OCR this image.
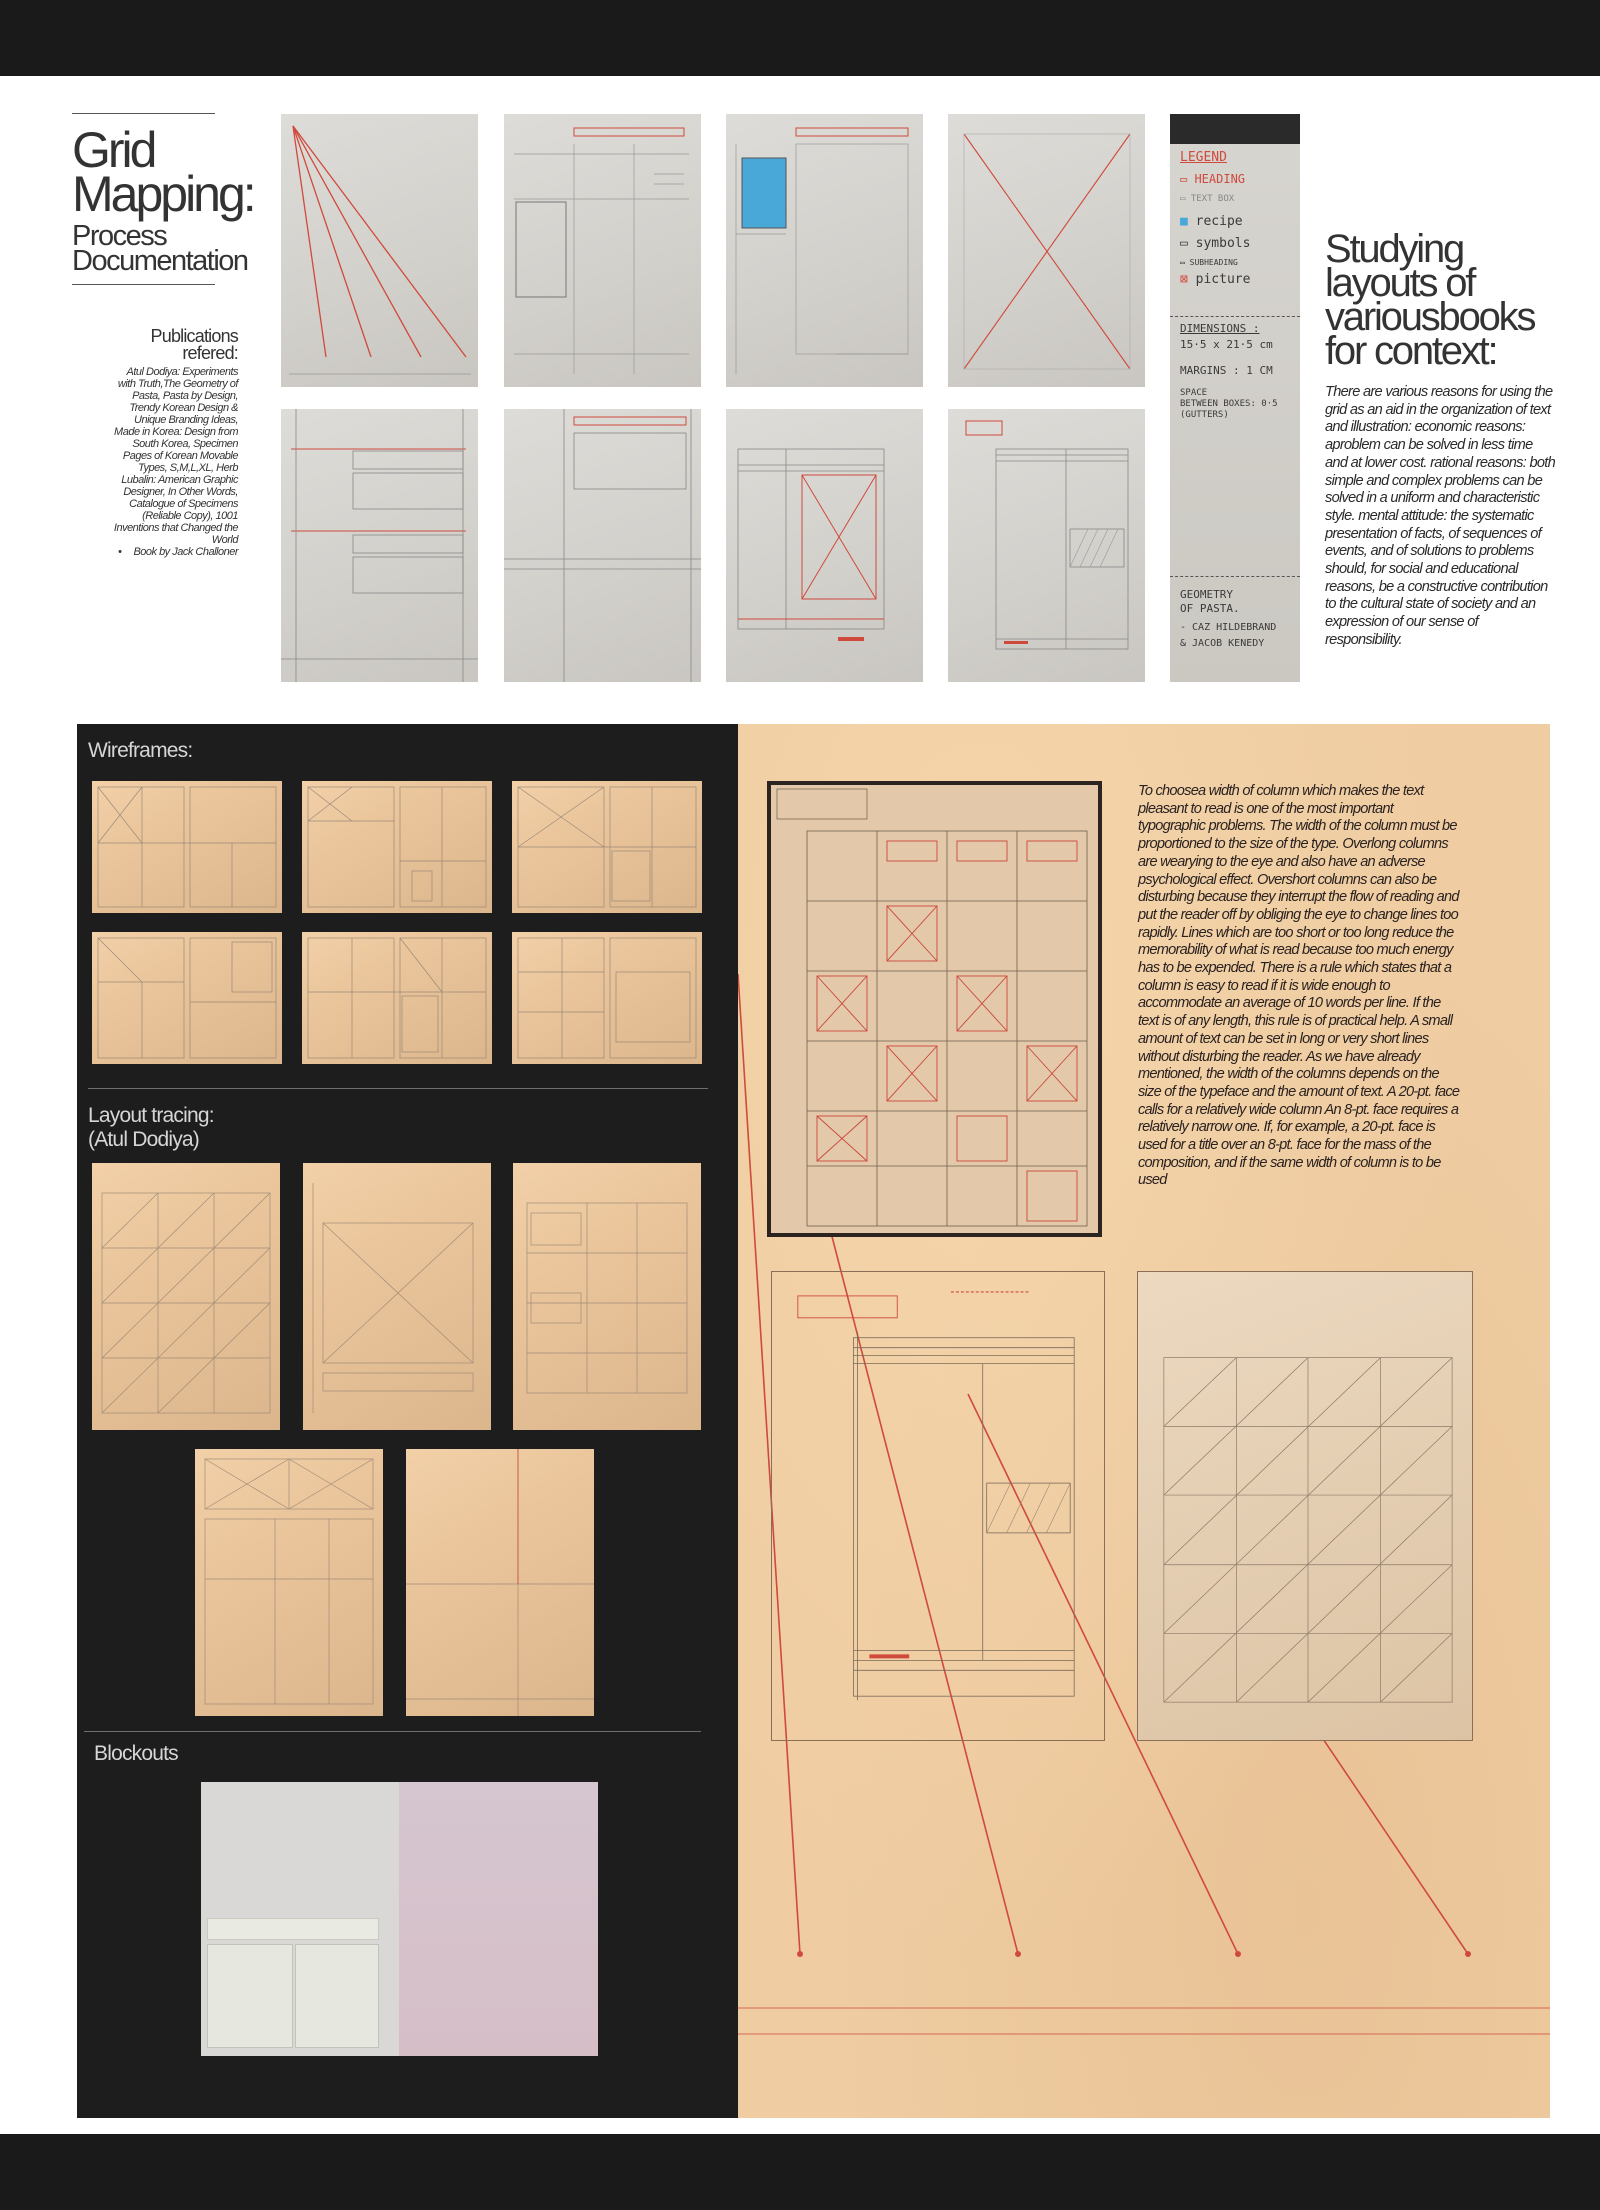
Grid
Mapping:
Process
Documentation
Publications
refered:
Atul Dodiya: Experiments with Truth,The Geometry of Pasta, Pasta by Design, Trendy Korean Design & Unique Branding Ideas, Made in Korea: Design from South Korea, Specimen Pages of Korean Movable Types, S,M,L,XL, Herb Lubalin: American Graphic Designer, In Other Words, Catalogue of Specimens (Reliable Copy), 1001 Inventions that Changed the World
• Book by Jack Challoner
LEGEND
▭ HEADING
▭ TEXT BOX
■ recipe
▭ symbols
▭ SUBHEADING
⊠ picture
DIMENSIONS :
15·5 x 21·5 cm
MARGINS : 1 CM
SPACE
BETWEEN BOXES: 0·5
(GUTTERS)
GEOMETRY
OF PASTA.
- CAZ HILDEBRAND
& JACOB KENEDY
Studying
layouts of
variousbooks
for context:
There are various reasons for using the grid as an aid in the organization of text and illustration: economic reasons: aproblem can be solved in less time and at lower cost. rational reasons: both simple and complex problems can be solved in a uniform and characteristic style. mental attitude: the systematic presentation of facts, of sequences of events, and of solutions to problems should, for social and educational reasons, be a constructive contribution to the cultural state of society and an expression of our sense of responsibility.
Wireframes:
Layout tracing:
(Atul Dodiya)
Blockouts
To choosea width of column which makes the text pleasant to read is one of the most important typographic problems. The width of the column must be proportioned to the size of the type. Overlong columns are wearying to the eye and also have an adverse psychological effect. Overshort columns can also be disturbing because they interrupt the flow of reading and put the reader off by obliging the eye to change lines too rapidly. Lines which are too short or too long reduce the memorability of what is read because too much energy has to be expended. There is a rule which states that a column is easy to read if it is wide enough to accommodate an average of 10 words per line. If the text is of any length, this rule is of practical help. A small amount of text can be set in long or very short lines without disturbing the reader. As we have already mentioned, the width of the columns depends on the size of the typeface and the amount of text. A 20-pt. face calls for a relatively wide column An 8-pt. face requires a relatively narrow one. If, for example, a 20-pt. face is used for a title over an 8-pt. face for the mass of the composition, and if the same width of column is to be used
